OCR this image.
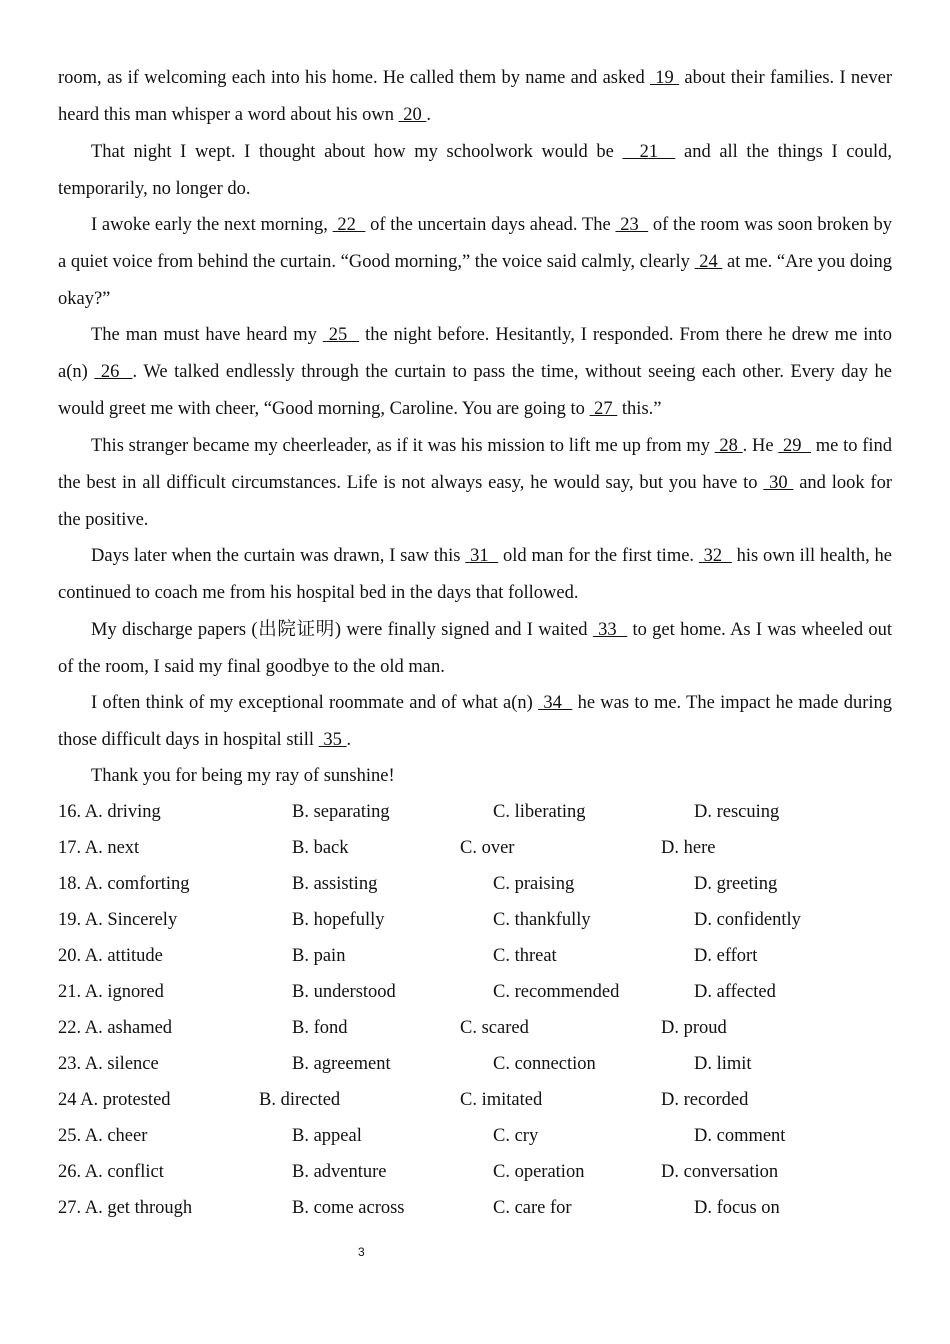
room, as if welcoming each into his home. He called them by name and asked  19  about their families. I never heard this man whisper a word about his own  20 .

That night I wept. I thought about how my schoolwork would be   21   and all the things I could, temporarily, no longer do.

I awoke early the next morning,  22   of the uncertain days ahead. The  23   of the room was soon broken by a quiet voice from behind the curtain. “Good morning,” the voice said calmly, clearly  24  at me. “Are you doing okay?”

The man must have heard my  25   the night before. Hesitantly, I responded. From there he drew me into a(n)  26  . We talked endlessly through the curtain to pass the time, without seeing each other. Every day he would greet me with cheer, “Good morning, Caroline. You are going to  27  this.”

This stranger became my cheerleader, as if it was his mission to lift me up from my  28 . He  29   me to find the best in all difficult circumstances. Life is not always easy, he would say, but you have to  30  and look for the positive.

Days later when the curtain was drawn, I saw this  31   old man for the first time.  32   his own ill health, he continued to coach me from his hospital bed in the days that followed.

My discharge papers (出院证明) were finally signed and I waited  33   to get home. As I was wheeled out of the room, I said my final goodbye to the old man.

I often think of my exceptional roommate and of what a(n)  34   he was to me. The impact he made during those difficult days in hospital still  35 .

Thank you for being my ray of sunshine!

16. A. driving	B. separating	C. liberating	D. rescuing
17. A. next	B. back	C. over	D. here
18. A. comforting	B. assisting	C. praising	D. greeting
19. A. Sincerely	B. hopefully	C. thankfully	D. confidently
20. A. attitude	B. pain	C. threat	D. effort
21. A. ignored	B. understood	C. recommended	D. affected
22. A. ashamed	B. fond	C. scared	D. proud
23. A. silence	B. agreement	C. connection	D. limit
24 A. protested	B. directed	C. imitated	D. recorded
25. A. cheer	B. appeal	C. cry	D. comment
26. A. conflict	B. adventure	C. operation	D. conversation
27. A. get through	B. come across	C. care for	D. focus on
3
